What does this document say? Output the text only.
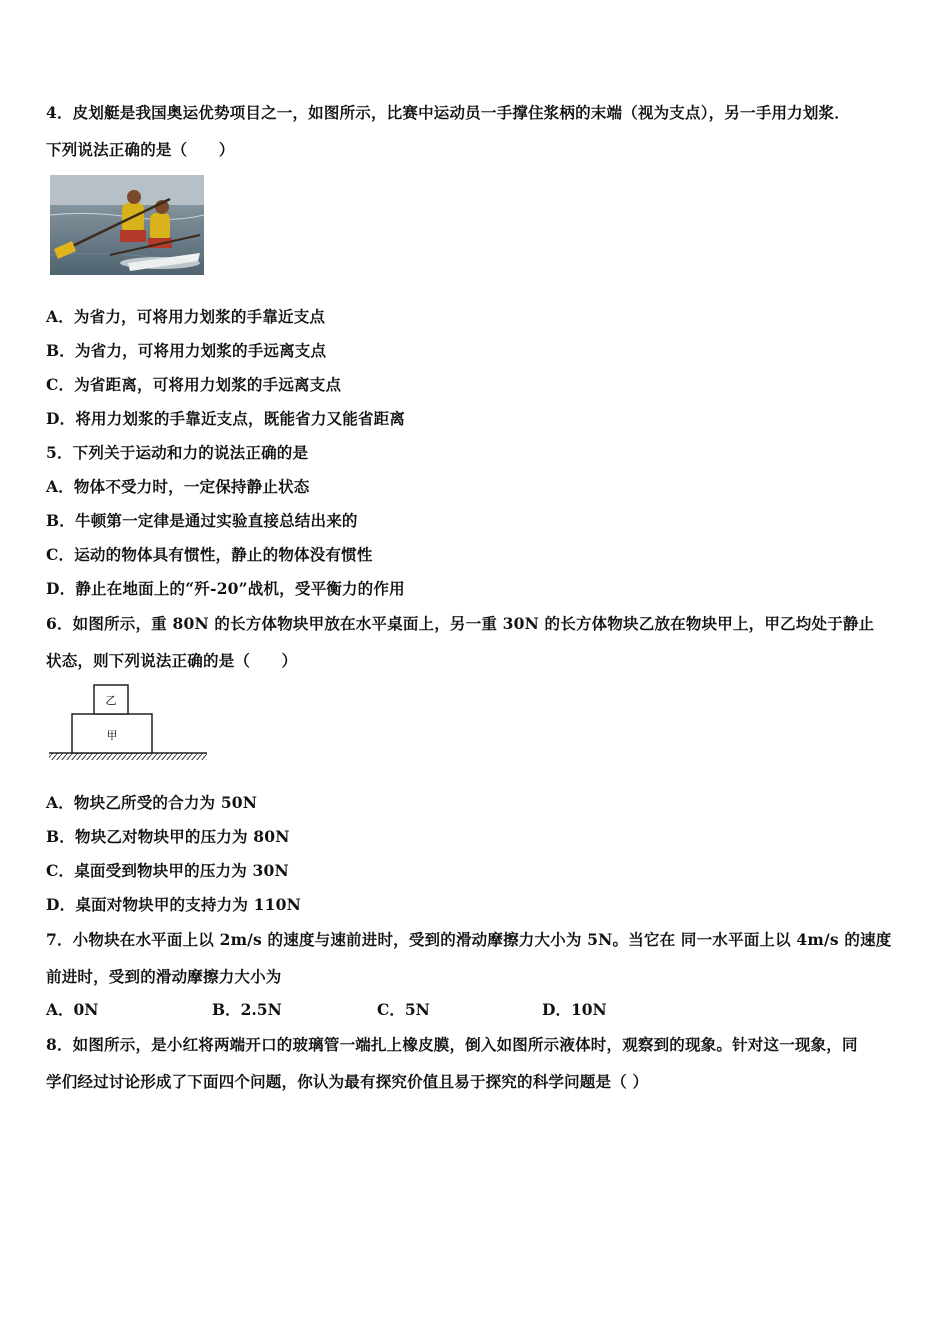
4．皮划艇是我国奥运优势项目之一，如图所示，比赛中运动员一手撑住浆柄的末端（视为支点），另一手用力划浆．
下列说法正确的是（　　）
A．为省力，可将用力划浆的手靠近支点
B．为省力，可将用力划浆的手远离支点
C．为省距离，可将用力划浆的手远离支点
D．将用力划浆的手靠近支点，既能省力又能省距离
5．下列关于运动和力的说法正确的是
A．物体不受力时，一定保持静止状态
B．牛顿第一定律是通过实验直接总结出来的
C．运动的物体具有惯性，静止的物体没有惯性
D．静止在地面上的“歼-20”战机，受平衡力的作用
6．如图所示，重 80N 的长方体物块甲放在水平桌面上，另一重 30N 的长方体物块乙放在物块甲上，甲乙均处于静止
状态，则下列说法正确的是（　　）
乙
甲
A．物块乙所受的合力为 50N
B．物块乙对物块甲的压力为 80N
C．桌面受到物块甲的压力为 30N
D．桌面对物块甲的支持力为 110N
7．小物块在水平面上以 2m/s 的速度与速前进时，受到的滑动摩擦力大小为 5N。当它在 同一水平面上以 4m/s 的速度
前进时，受到的滑动摩擦力大小为
A．0N	B．2.5N	C．5N	D．10N
8．如图所示，是小红将两端开口的玻璃管一端扎上橡皮膜，倒入如图所示液体时，观察到的现象。针对这一现象，同
学们经过讨论形成了下面四个问题，你认为最有探究价值且易于探究的科学问题是（ ）
